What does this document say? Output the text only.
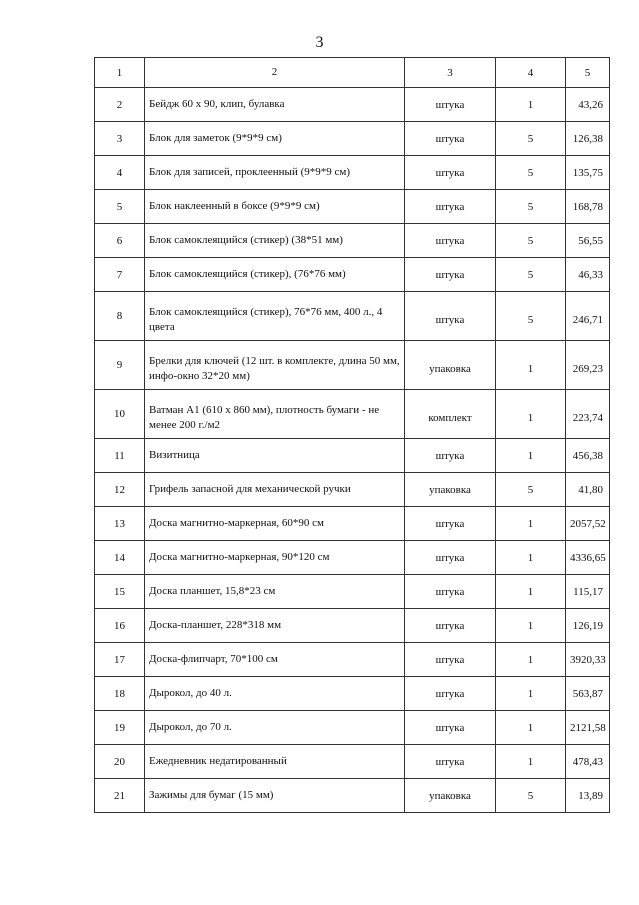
3
1	2	3	4	5
2	Бейдж 60 x 90, клип, булавка	штука	1	43,26
3	Блок для заметок (9*9*9 см)	штука	5	126,38
4	Блок для записей, проклеенный (9*9*9 см)	штука	5	135,75
5	Блок наклеенный в боксе (9*9*9 см)	штука	5	168,78
6	Блок самоклеящийся (стикер) (38*51 мм)	штука	5	56,55
7	Блок самоклеящийся (стикер), (76*76 мм)	штука	5	46,33
8	Блок самоклеящийся (стикер), 76*76 мм, 400 л., 4 цвета	штука	5	246,71
9	Брелки для ключей (12 шт. в комплекте, длина 50 мм, инфо-окно 32*20 мм)	упаковка	1	269,23
10	Ватман А1 (610 x 860 мм), плотность бумаги - не менее 200 г./м2	комплект	1	223,74
11	Визитница	штука	1	456,38
12	Грифель запасной для механической ручки	упаковка	5	41,80
13	Доска магнитно-маркерная, 60*90 см	штука	1	2057,52
14	Доска магнитно-маркерная, 90*120 см	штука	1	4336,65
15	Доска планшет, 15,8*23 см	штука	1	115,17
16	Доска-планшет, 228*318 мм	штука	1	126,19
17	Доска-флипчарт, 70*100 см	штука	1	3920,33
18	Дырокол, до 40 л.	штука	1	563,87
19	Дырокол, до 70 л.	штука	1	2121,58
20	Ежедневник недатированный	штука	1	478,43
21	Зажимы для бумаг (15 мм)	упаковка	5	13,89
